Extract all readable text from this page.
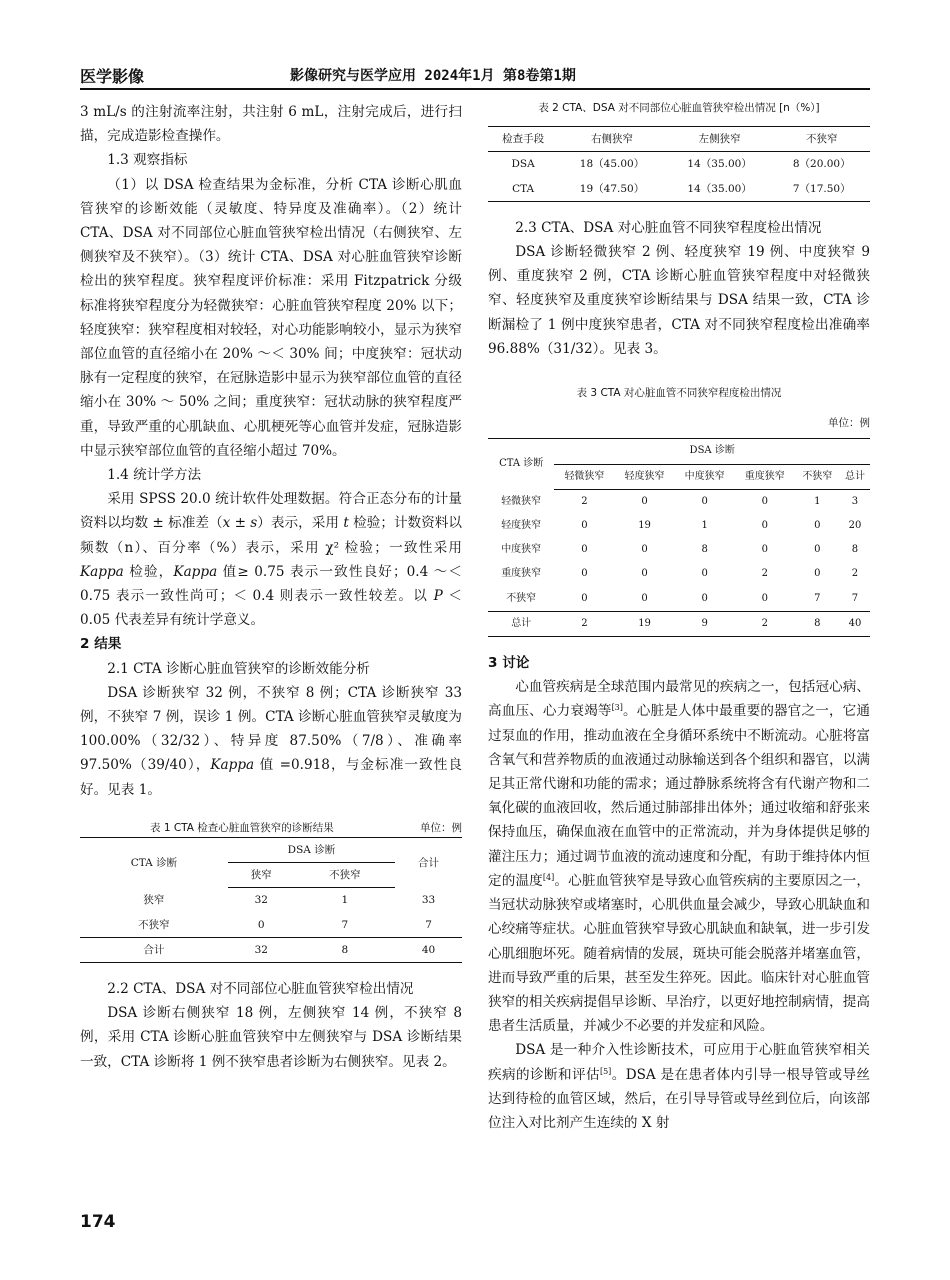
医学影像	影像研究与医学应用 2024年1月 第8卷第1期

3 mL/s 的注射流率注射，共注射 6 mL，注射完成后，进行扫描，完成造影检查操作。

1.3 观察指标

（1）以 DSA 检查结果为金标准，分析 CTA 诊断心肌血管狭窄的诊断效能（灵敏度、特异度及准确率）。（2）统计 CTA、DSA 对不同部位心脏血管狭窄检出情况（右侧狭窄、左侧狭窄及不狭窄）。（3）统计 CTA、DSA 对心脏血管狭窄诊断检出的狭窄程度。狭窄程度评价标准：采用 Fitzpatrick 分级标准将狭窄程度分为轻微狭窄：心脏血管狭窄程度 20% 以下；轻度狭窄：狭窄程度相对较轻，对心功能影响较小，显示为狭窄部位血管的直径缩小在 20% ～＜ 30% 间；中度狭窄：冠状动脉有一定程度的狭窄，在冠脉造影中显示为狭窄部位血管的直径缩小在 30% ～ 50% 之间；重度狭窄：冠状动脉的狭窄程度严重，导致严重的心肌缺血、心肌梗死等心血管并发症，冠脉造影中显示狭窄部位血管的直径缩小超过 70%。

1.4 统计学方法

采用 SPSS 20.0 统计软件处理数据。符合正态分布的计量资料以均数 ± 标准差（x ± s）表示，采用 t 检验；计数资料以频数（n）、百分率（%）表示，采用 χ² 检验；一致性采用 Kappa 检验，Kappa 值≥ 0.75 表示一致性良好；0.4 ～＜ 0.75 表示一致性尚可；＜ 0.4 则表示一致性较差。以 P ＜ 0.05 代表差异有统计学意义。

2 结果

2.1 CTA 诊断心脏血管狭窄的诊断效能分析

DSA 诊断狭窄 32 例，不狭窄 8 例；CTA 诊断狭窄 33 例，不狭窄 7 例，误诊 1 例。CTA 诊断心脏血管狭窄灵敏度为 100.00%（32/32）、特异度 87.50%（7/8）、准确率 97.50%（39/40），Kappa 值 =0.918，与金标准一致性良好。见表 1。

表 1 CTA 检查心脏血管狭窄的诊断结果	单位：例
CTA 诊断	DSA 诊断		合计
	狭窄	不狭窄	
狭窄	32	1	33
不狭窄	0	7	7
合计	32	8	40

2.2 CTA、DSA 对不同部位心脏血管狭窄检出情况

DSA 诊断右侧狭窄 18 例，左侧狭窄 14 例，不狭窄 8 例，采用 CTA 诊断心脏血管狭窄中左侧狭窄与 DSA 诊断结果一致，CTA 诊断将 1 例不狭窄患者诊断为右侧狭窄。见表 2。

表 2 CTA、DSA 对不同部位心脏血管狭窄检出情况 [n（%）]
检查手段	右侧狭窄	左侧狭窄	不狭窄
DSA	18（45.00）	14（35.00）	8（20.00）
CTA	19（47.50）	14（35.00）	7（17.50）

2.3 CTA、DSA 对心脏血管不同狭窄程度检出情况

DSA 诊断轻微狭窄 2 例、轻度狭窄 19 例、中度狭窄 9 例、重度狭窄 2 例，CTA 诊断心脏血管狭窄程度中对轻微狭窄、轻度狭窄及重度狭窄诊断结果与 DSA 结果一致，CTA 诊断漏检了 1 例中度狭窄患者，CTA 对不同狭窄程度检出准确率 96.88%（31/32）。见表 3。

表 3 CTA 对心脏血管不同狭窄程度检出情况
单位：例
CTA 诊断	DSA 诊断					
	轻微狭窄	轻度狭窄	中度狭窄	重度狭窄	不狭窄	总计
轻微狭窄	2	0	0	0	1	3
轻度狭窄	0	19	1	0	0	20
中度狭窄	0	0	8	0	0	8
重度狭窄	0	0	0	2	0	2
不狭窄	0	0	0	0	7	7
总计	2	19	9	2	8	40

3 讨论

心血管疾病是全球范围内最常见的疾病之一，包括冠心病、高血压、心力衰竭等[3]。心脏是人体中最重要的器官之一，它通过泵血的作用，推动血液在全身循环系统中不断流动。心脏将富含氧气和营养物质的血液通过动脉输送到各个组织和器官，以满足其正常代谢和功能的需求；通过静脉系统将含有代谢产物和二氧化碳的血液回收，然后通过肺部排出体外；通过收缩和舒张来保持血压，确保血液在血管中的正常流动，并为身体提供足够的灌注压力；通过调节血液的流动速度和分配，有助于维持体内恒定的温度[4]。心脏血管狭窄是导致心血管疾病的主要原因之一，当冠状动脉狭窄或堵塞时，心肌供血量会减少，导致心肌缺血和心绞痛等症状。心脏血管狭窄导致心肌缺血和缺氧，进一步引发心肌细胞坏死。随着病情的发展，斑块可能会脱落并堵塞血管，进而导致严重的后果，甚至发生猝死。因此。临床针对心脏血管狭窄的相关疾病提倡早诊断、早治疗，以更好地控制病情，提高患者生活质量，并减少不必要的并发症和风险。

DSA 是一种介入性诊断技术，可应用于心脏血管狭窄相关疾病的诊断和评估[5]。DSA 是在患者体内引导一根导管或导丝达到待检的血管区域，然后，在引导导管或导丝到位后，向该部位注入对比剂产生连续的 X 射

174
